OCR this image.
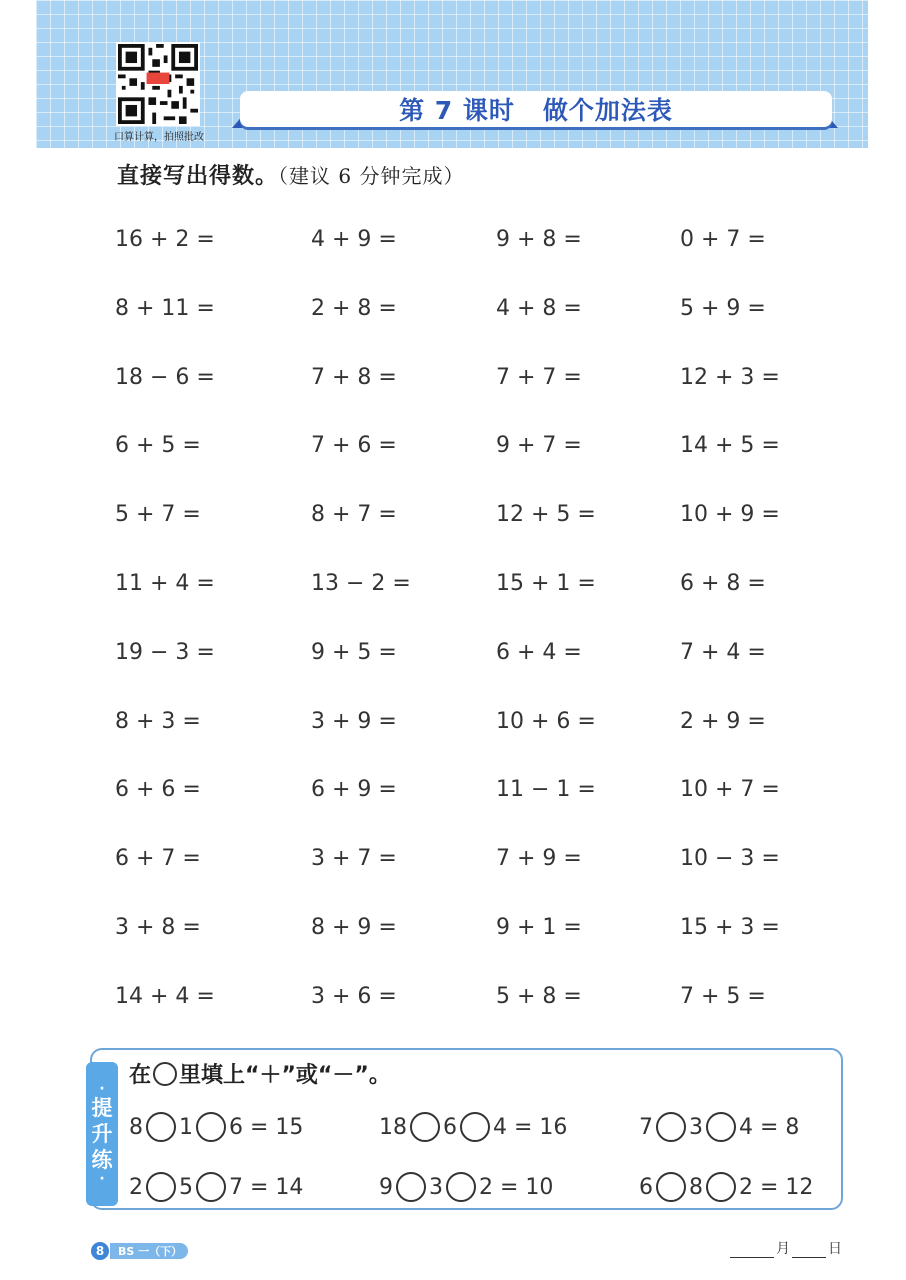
口算计算，拍照批改
第 7 课时 做个加法表
直接写出得数。（建议 6 分钟完成）
16 + 2 =	4 + 9 =	9 + 8 =	0 + 7 =
8 + 11 =	2 + 8 =	4 + 8 =	5 + 9 =
18 − 6 =	7 + 8 =	7 + 7 =	12 + 3 =
6 + 5 =	7 + 6 =	9 + 7 =	14 + 5 =
5 + 7 =	8 + 7 =	12 + 5 =	10 + 9 =
11 + 4 =	13 − 2 =	15 + 1 =	6 + 8 =
19 − 3 =	9 + 5 =	6 + 4 =	7 + 4 =
8 + 3 =	3 + 9 =	10 + 6 =	2 + 9 =
6 + 6 =	6 + 9 =	11 − 1 =	10 + 7 =
6 + 7 =	3 + 7 =	7 + 9 =	10 − 3 =
3 + 8 =	8 + 9 =	9 + 1 =	15 + 3 =
14 + 4 =	3 + 6 =	5 + 8 =	7 + 5 =
·
提
升
练
·
在 里填上“＋”或“－”。
8 1 6 = 15	18 6 4 = 16	7 3 4 = 8
2 5 7 = 14	9 3 2 = 10	6 8 2 = 12
8	BS 一（下）	月	日
